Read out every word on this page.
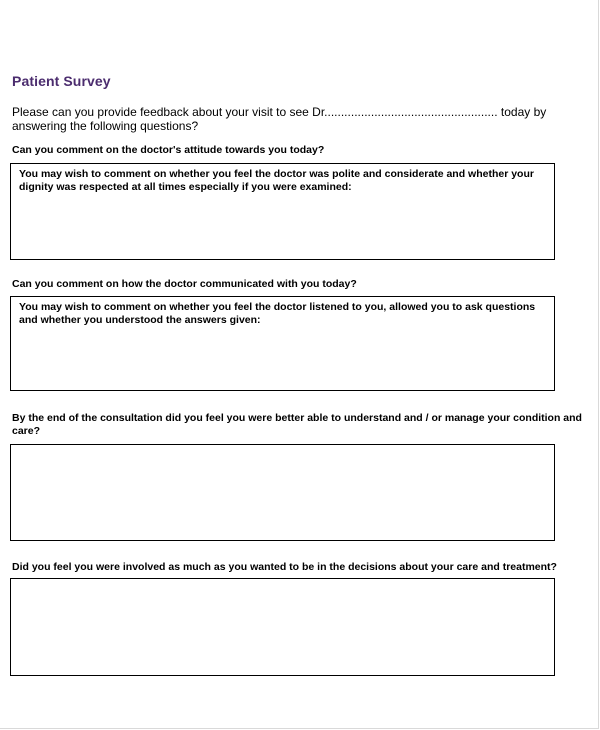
Patient Survey
Please can you provide feedback about your visit to see Dr.................................................... today by answering the following questions?
Can you comment on the doctor's attitude towards you today?
You may wish to comment on whether you feel the doctor was polite and considerate and whether your dignity was respected at all times especially if you were examined:
Can you comment on how the doctor communicated with you today?
You may wish to comment on whether you feel the doctor listened to you, allowed you to ask questions and whether you understood the answers given:
By the end of the consultation did you feel you were better able to understand and / or manage your condition and care?
Did you feel you were involved as much as you wanted to be in the decisions about your care and treatment?
